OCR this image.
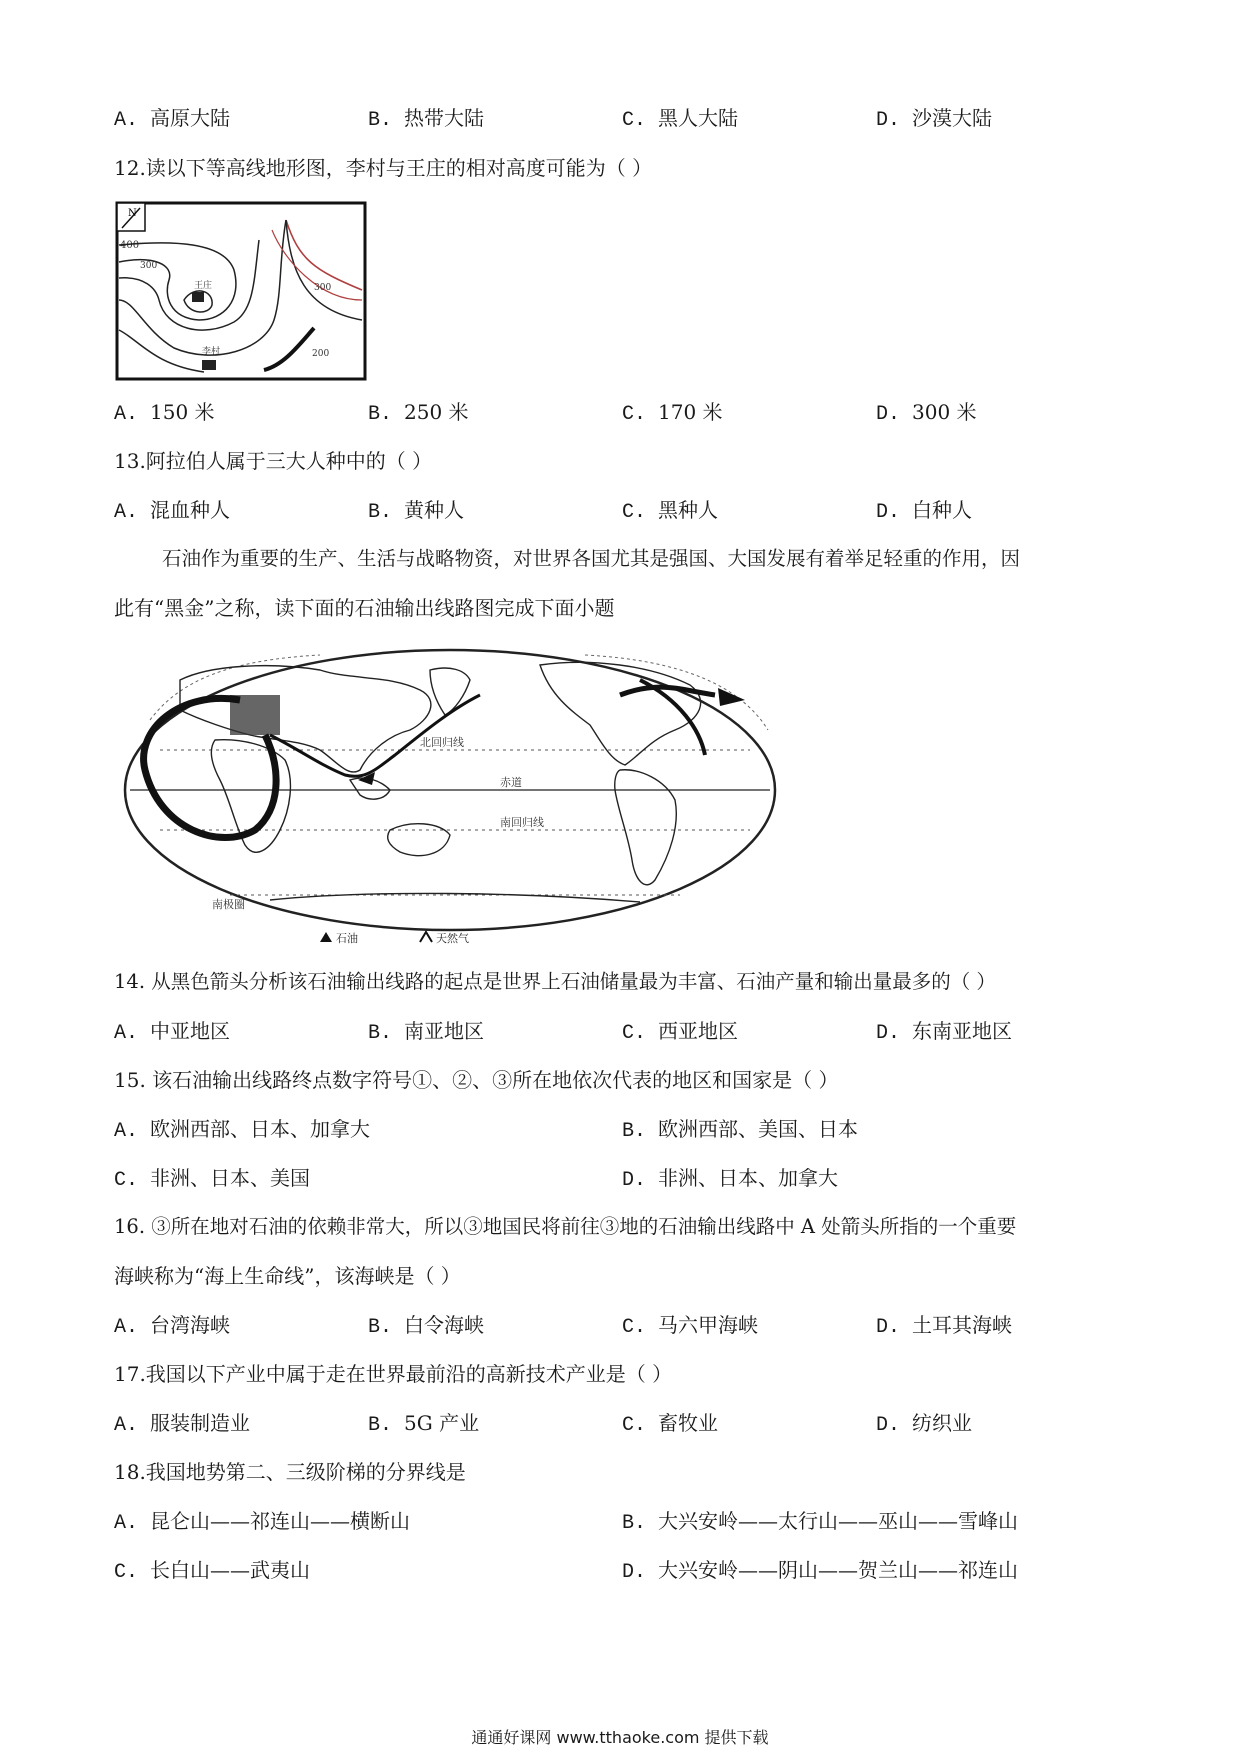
A. 高原大陆	B. 热带大陆	C. 黑人大陆	D. 沙漠大陆
12.读以下等高线地形图，李村与王庄的相对高度可能为（ ）
N
400
300
300
王庄
李村	200
A. 150 米	B. 250 米	C. 170 米	D. 300 米
13.阿拉伯人属于三大人种中的（ ）
A. 混血种人	B. 黄种人	C. 黑种人	D. 白种人
石油作为重要的生产、生活与战略物资，对世界各国尤其是强国、大国发展有着举足轻重的作用，因
此有“黑金”之称，读下面的石油输出线路图完成下面小题
北回归线
赤道
南回归线
南极圈
石油	天然气
14. 从黑色箭头分析该石油输出线路的起点是世界上石油储量最为丰富、石油产量和输出量最多的（ ）
A. 中亚地区	B. 南亚地区	C. 西亚地区	D. 东南亚地区
15. 该石油输出线路终点数字符号①、②、③所在地依次代表的地区和国家是（ ）
A. 欧洲西部、日本、加拿大	B. 欧洲西部、美国、日本
C. 非洲、日本、美国	D. 非洲、日本、加拿大
16. ③所在地对石油的依赖非常大，所以③地国民将前往③地的石油输出线路中 A 处箭头所指的一个重要
海峡称为“海上生命线”，该海峡是（ ）
A. 台湾海峡	B. 白令海峡	C. 马六甲海峡	D. 土耳其海峡
17.我国以下产业中属于走在世界最前沿的高新技术产业是（ ）
A. 服装制造业	B. 5G 产业	C. 畜牧业	D. 纺织业
18.我国地势第二、三级阶梯的分界线是
A. 昆仑山——祁连山——横断山	B. 大兴安岭——太行山——巫山——雪峰山
C. 长白山——武夷山	D. 大兴安岭——阴山——贺兰山——祁连山
通通好课网 www.tthaoke.com 提供下载
